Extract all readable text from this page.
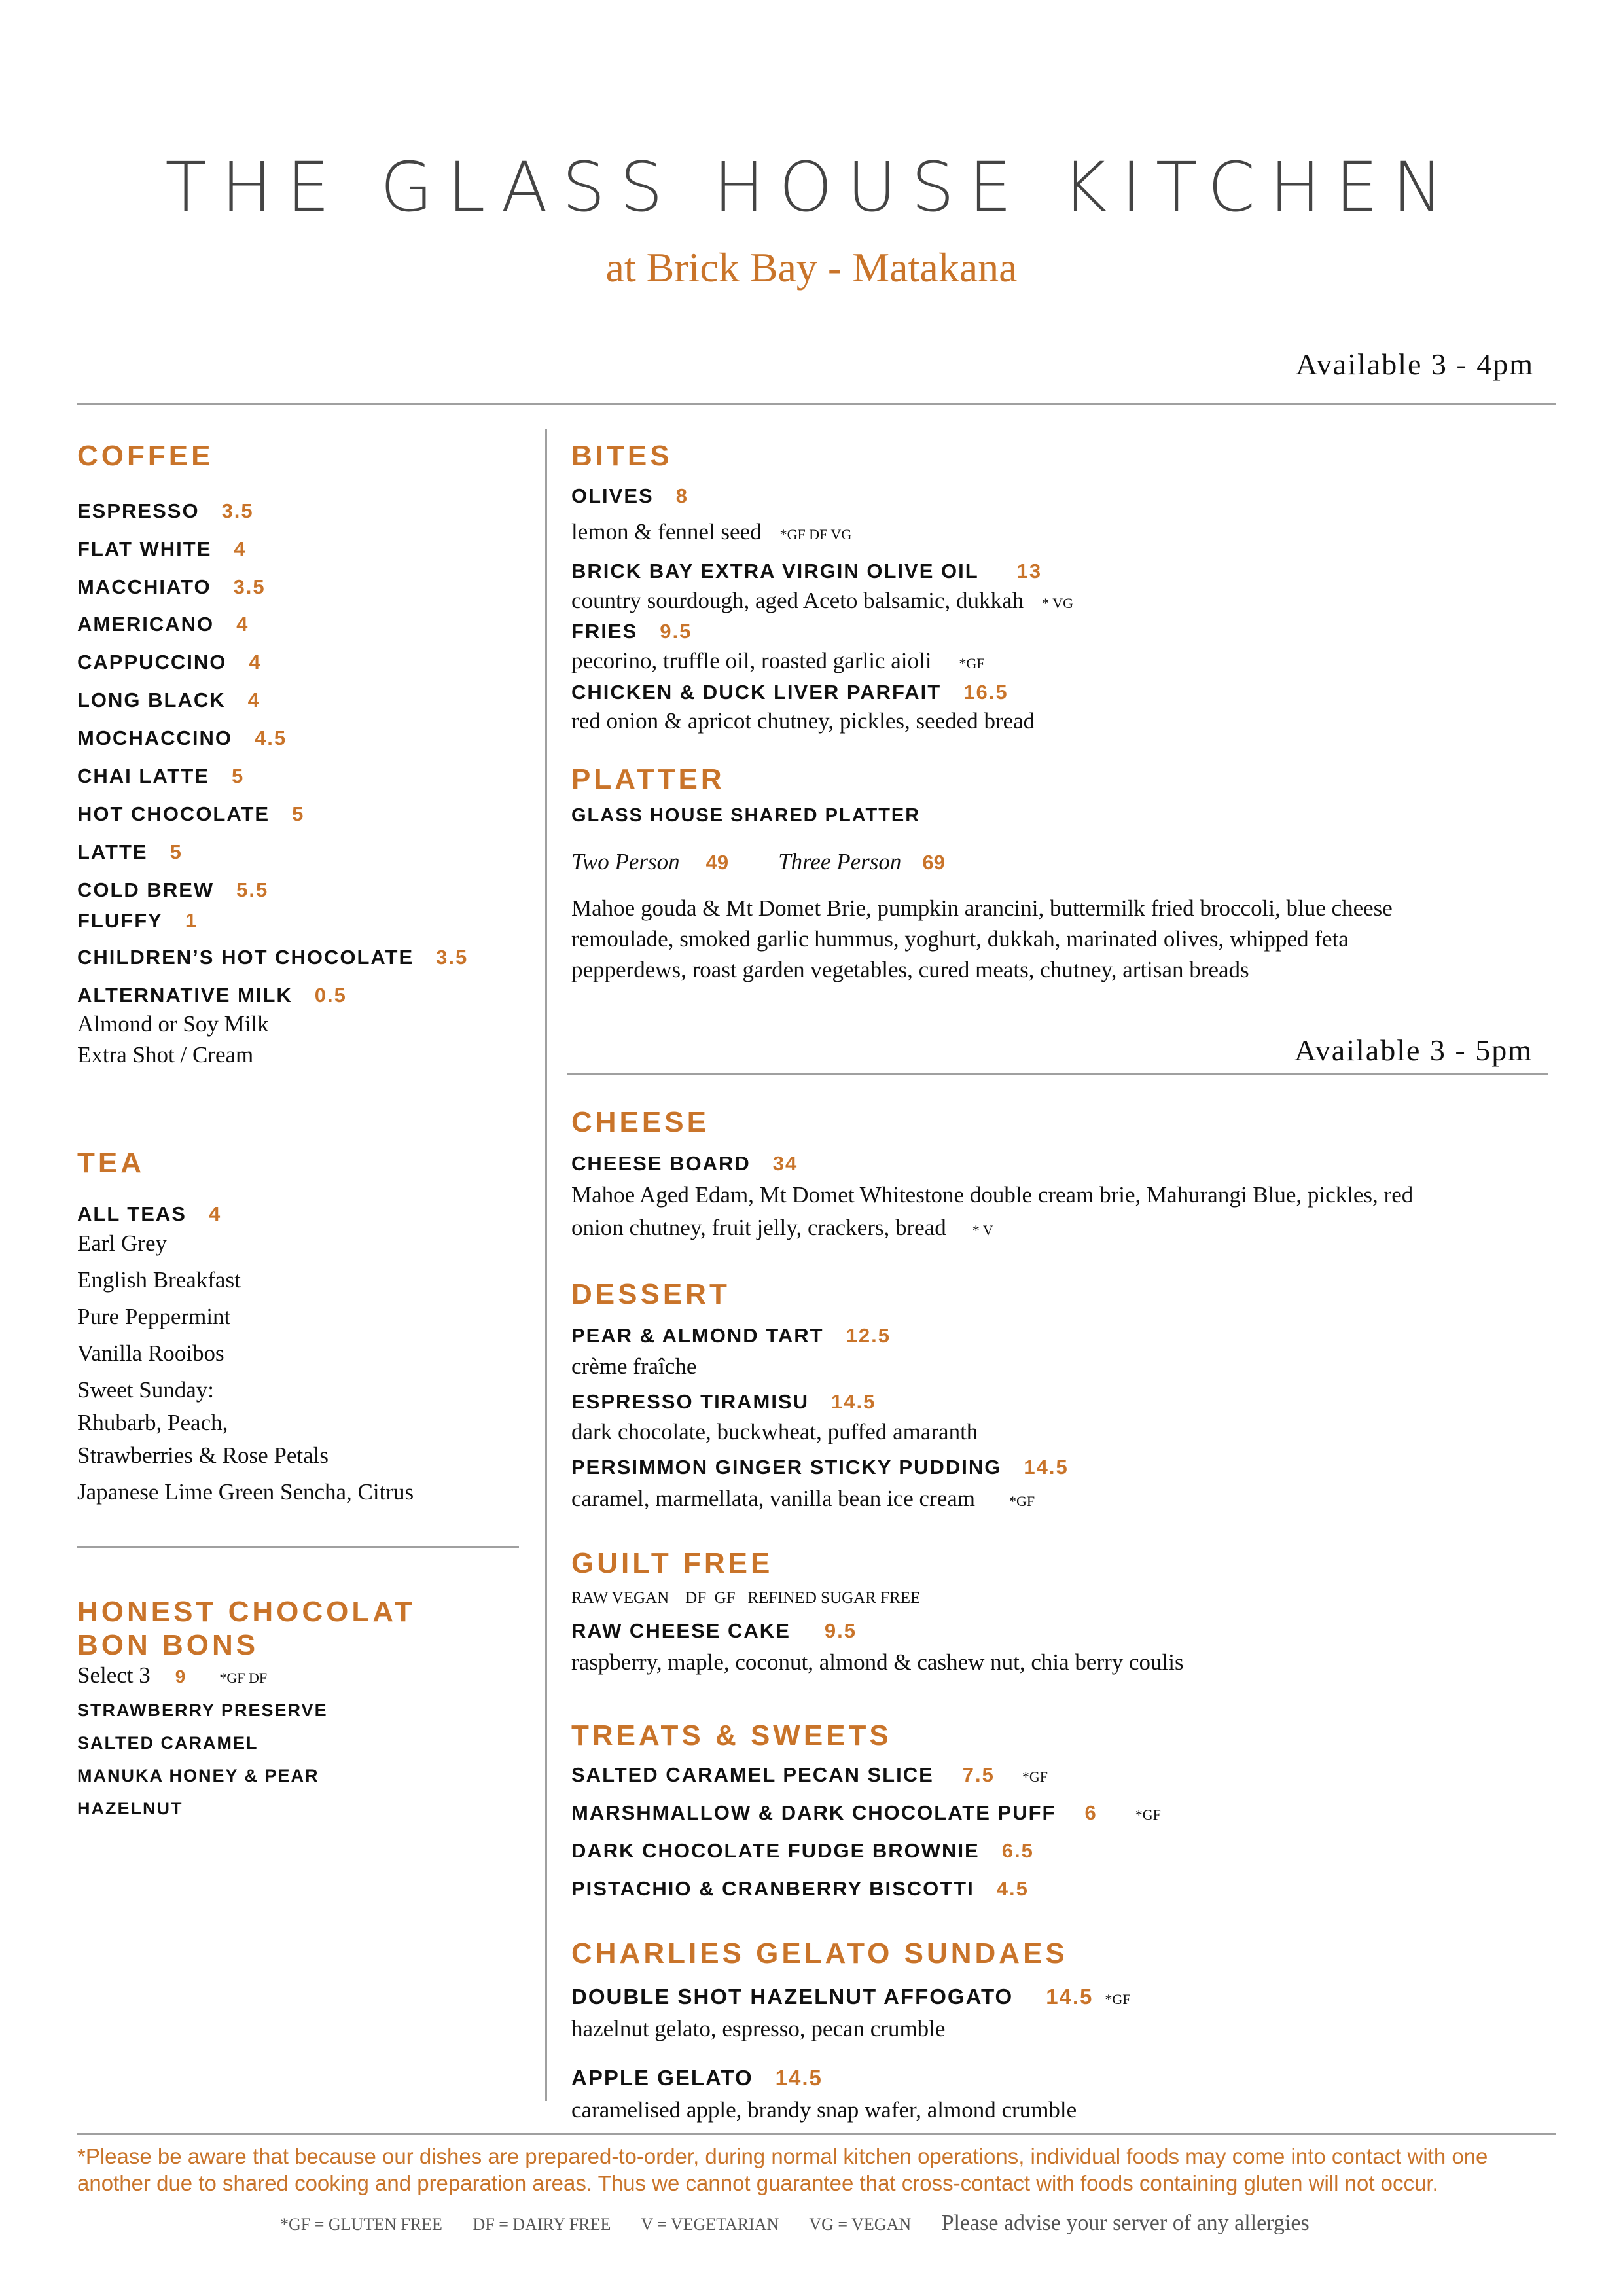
THE GLASS HOUSE KITCHEN
at Brick Bay - Matakana
Available 3 - 4pm
COFFEE
ESPRESSO 3.5
FLAT WHITE 4
MACCHIATO 3.5
AMERICANO 4
CAPPUCCINO 4
LONG BLACK 4
MOCHACCINO 4.5
CHAI LATTE 5
HOT CHOCOLATE 5
LATTE 5
COLD BREW 5.5
FLUFFY 1
CHILDREN’S HOT CHOCOLATE 3.5
ALTERNATIVE MILK 0.5
Almond or Soy Milk
Extra Shot / Cream
TEA
ALL TEAS 4
Earl Grey
English Breakfast
Pure Peppermint
Vanilla Rooibos
Sweet Sunday:
Rhubarb, Peach,
Strawberries & Rose Petals
Japanese Lime Green Sencha, Citrus
HONEST CHOCOLAT
BON BONS
Select 3 9 *GF DF
STRAWBERRY PRESERVE
SALTED CARAMEL
MANUKA HONEY & PEAR
HAZELNUT
BITES
OLIVES 8
lemon & fennel seed *GF DF VG
BRICK BAY EXTRA VIRGIN OLIVE OIL 13
country sourdough, aged Aceto balsamic, dukkah * VG
FRIES 9.5
pecorino, truffle oil, roasted garlic aioli *GF
CHICKEN & DUCK LIVER PARFAIT 16.5
red onion & apricot chutney, pickles, seeded bread
PLATTER
GLASS HOUSE SHARED PLATTER
Two Person 49 Three Person 69
Mahoe gouda & Mt Domet Brie, pumpkin arancini, buttermilk fried broccoli, blue cheese
remoulade, smoked garlic hummus, yoghurt, dukkah, marinated olives, whipped feta
pepperdews, roast garden vegetables, cured meats, chutney, artisan breads
Available 3 - 5pm
CHEESE
CHEESE BOARD 34
Mahoe Aged Edam, Mt Domet Whitestone double cream brie, Mahurangi Blue, pickles, red
onion chutney, fruit jelly, crackers, bread * V
DESSERT
PEAR & ALMOND TART 12.5
crème fraîche
ESPRESSO TIRAMISU 14.5
dark chocolate, buckwheat, puffed amaranth
PERSIMMON GINGER STICKY PUDDING 14.5
caramel, marmellata, vanilla bean ice cream *GF
GUILT FREE
RAW VEGAN    DF  GF   REFINED SUGAR FREE
RAW CHEESE CAKE 9.5
raspberry, maple, coconut, almond & cashew nut, chia berry coulis
TREATS & SWEETS
SALTED CARAMEL PECAN SLICE 7.5 *GF
MARSHMALLOW & DARK CHOCOLATE PUFF 6	*GF
DARK CHOCOLATE FUDGE BROWNIE 6.5
PISTACHIO & CRANBERRY BISCOTTI 4.5
CHARLIES GELATO SUNDAES
DOUBLE SHOT HAZELNUT AFFOGATO 14.5 *GF
hazelnut gelato, espresso, pecan crumble
APPLE GELATO 14.5
caramelised apple, brandy snap wafer, almond crumble
*Please be aware that because our dishes are prepared-to-order, during normal kitchen operations, individual foods may come into contact with one another due to shared cooking and preparation areas. Thus we cannot guarantee that cross-contact with foods containing gluten will not occur.
*GF = GLUTEN FREE DF = DAIRY FREE V = VEGETARIAN VG = VEGAN Please advise your server of any allergies
